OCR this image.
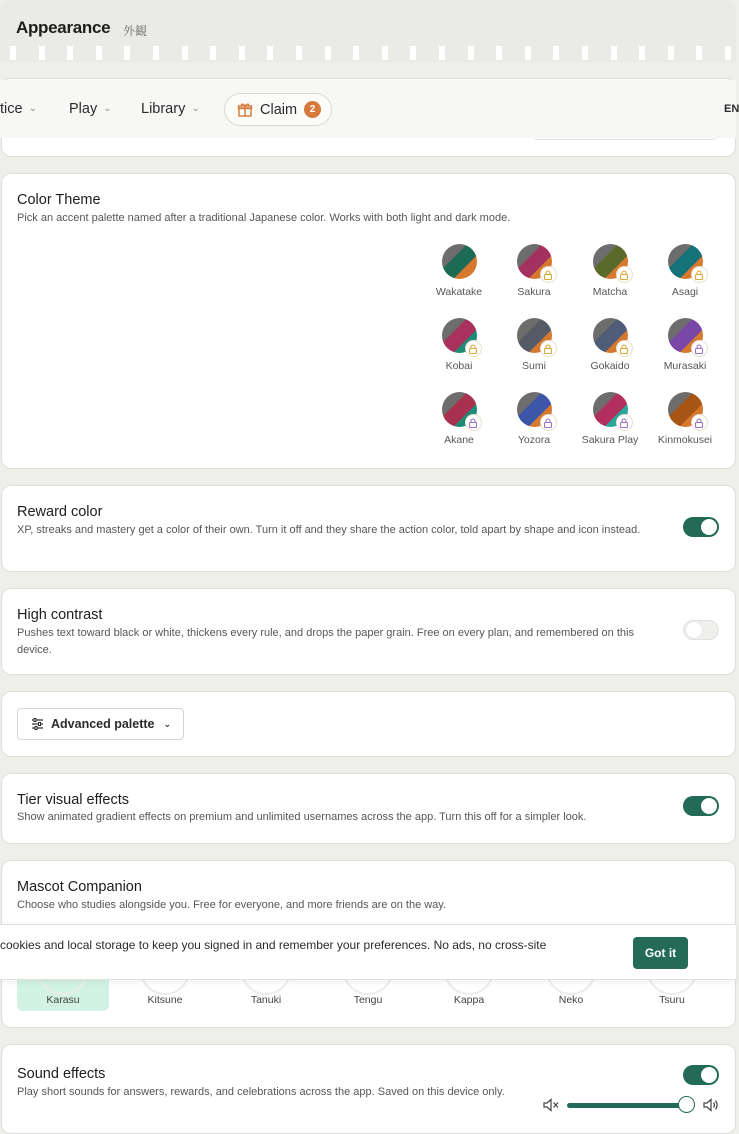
Appearance 外観
tice ⌄ Play ⌄ Library ⌄	Claim	2	EN
Color Theme
Pick an accent palette named after a traditional Japanese color. Works with both light and dark mode.
Wakatake	Sakura	Matcha	Asagi
Kobai	Sumi	Gokaido	Murasaki
Akane	Yozora	Sakura Play	Kinmokusei
Reward color
XP, streaks and mastery get a color of their own. Turn it off and they share the action color, told apart by shape and icon instead.
High contrast
Pushes text toward black or white, thickens every rule, and drops the paper grain. Free on every plan, and remembered on this device.
Advanced palette ⌄
Tier visual effects
Show animated gradient effects on premium and unlimited usernames across the app. Turn this off for a simpler look.
Mascot Companion
Choose who studies alongside you. Free for everyone, and more friends are on the way.
Karasu	Kitsune	Tanuki	Tengu	Kappa	Neko	Tsuru
cookies and local storage to keep you signed in and remember your preferences. No ads, no cross-site
Got it
Sound effects
Play short sounds for answers, rewards, and celebrations across the app. Saved on this device only.
